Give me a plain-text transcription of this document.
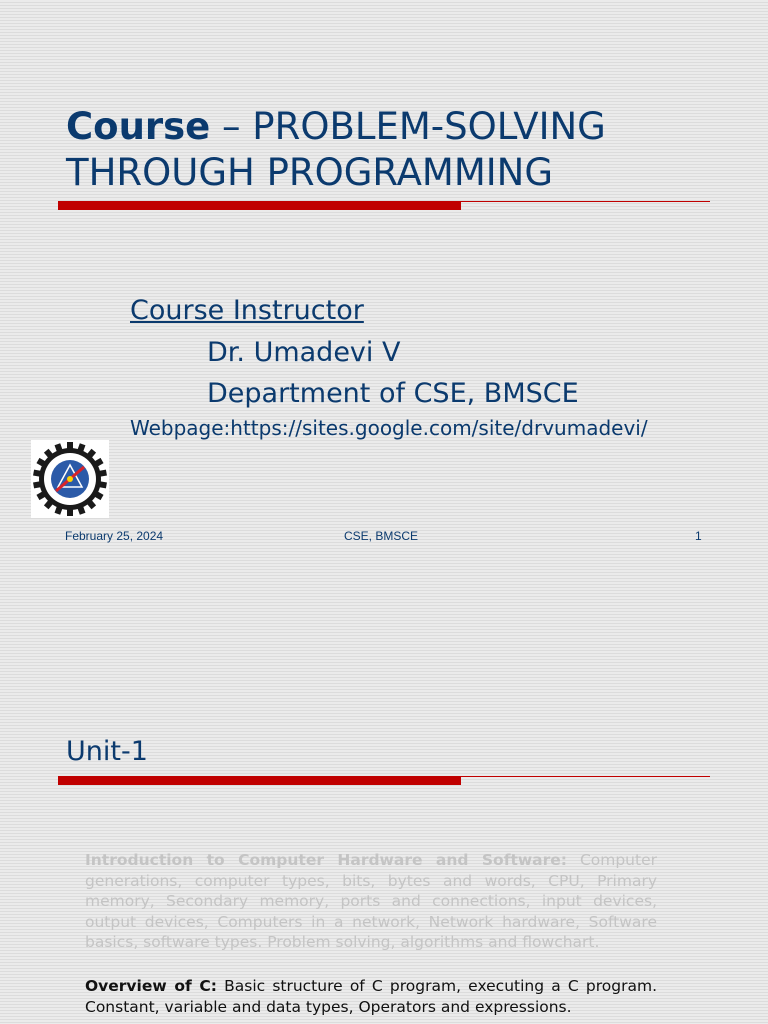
Course – PROBLEM-SOLVING THROUGH PROGRAMMING
Course Instructor
Dr. Umadevi V
Department of CSE, BMSCE
Webpage:https://sites.google.com/site/drvumadevi/
February 25, 2024	CSE, BMSCE	1
Unit-1

Introduction to Computer Hardware and Software: Computer generations, computer types, bits, bytes and words, CPU, Primary memory, Secondary memory, ports and connections, input devices, output devices, Computers in a network, Network hardware, Software basics, software types. Problem solving, algorithms and flowchart.

Overview of C: Basic structure of C program, executing a C program. Constant, variable and data types, Operators and expressions.
